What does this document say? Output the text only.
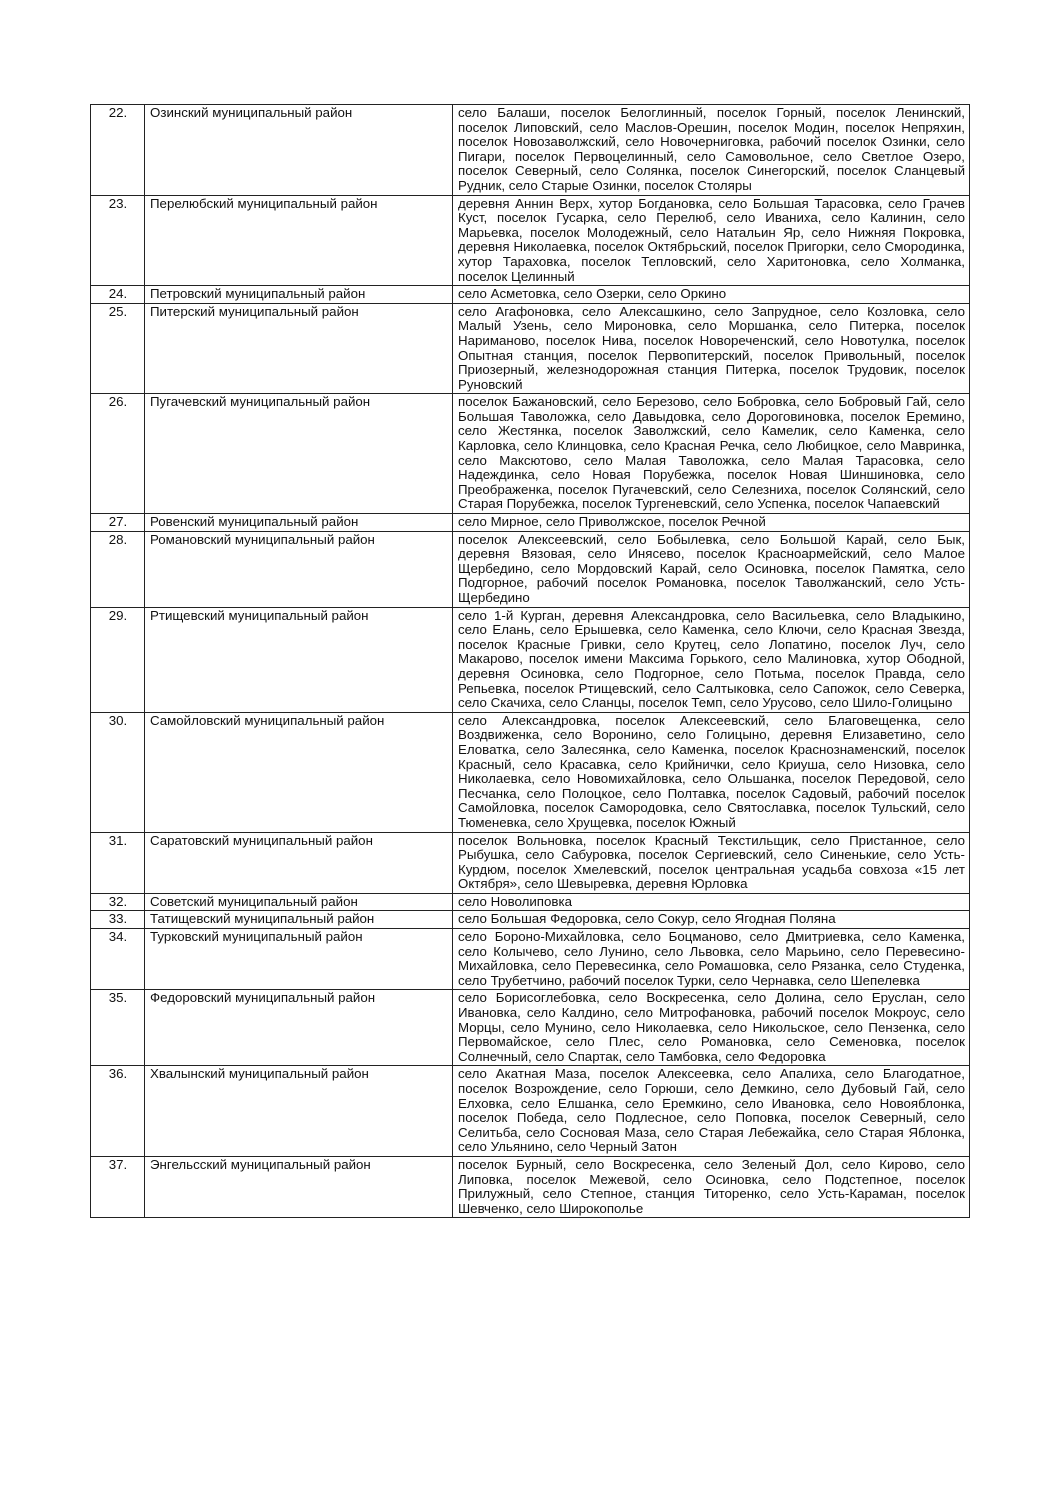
22.	Озинский муниципальный район	село Балаши, поселок Белоглинный, поселок Горный, поселок Ленинский, поселок Липовский, село Маслов-Орешин, поселок Модин, поселок Непряхин, поселок Новозаволжский, село Новочерниговка, рабочий поселок Озинки, село Пигари, поселок Первоцелинный, село Самовольное, село Светлое Озеро, поселок Северный, село Солянка, поселок Синегорский, поселок Сланцевый Рудник, село Старые Озинки, поселок Столяры
23.	Перелюбский муниципальный район	деревня Аннин Верх, хутор Богдановка, село Большая Тарасовка, село Грачев Куст, поселок Гусарка, село Перелюб, село Иваниха, село Калинин, село Марьевка, поселок Молодежный, село Натальин Яр, село Нижняя Покровка, деревня Николаевка, поселок Октябрьский, поселок Пригорки, село Смородинка, хутор Тараховка, поселок Тепловский, село Харитоновка, село Холманка, поселок Целинный
24.	Петровский муниципальный район	село Асметовка, село Озерки, село Оркино
25.	Питерский муниципальный район	село Агафоновка, село Алексашкино, село Запрудное, село Козловка, село Малый Узень, село Мироновка, село Моршанка, село Питерка, поселок Нариманово, поселок Нива, поселок Новореченский, село Новотулка, поселок Опытная станция, поселок Первопитерский, поселок Привольный, поселок Приозерный, железнодорожная станция Питерка, поселок Трудовик, поселок Руновский
26.	Пугачевский муниципальный район	поселок Бажановский, село Березово, село Бобровка, село Бобровый Гай, село Большая Таволожка, село Давыдовка, село Дороговиновка, поселок Еремино, село Жестянка, поселок Заволжский, село Камелик, село Каменка, село Карловка, село Клинцовка, село Красная Речка, село Любицкое, село Мавринка, село Максютово, село Малая Таволожка, село Малая Тарасовка, село Надеждинка, село Новая Порубежка, поселок Новая Шиншиновка, село Преображенка, поселок Пугачевский, село Селезниха, поселок Солянский, село Старая Порубежка, поселок Тургеневский, село Успенка, поселок Чапаевский
27.	Ровенский муниципальный район	село Мирное, село Приволжское, поселок Речной
28.	Романовский муниципальный район	поселок Алексеевский, село Бобылевка, село Большой Карай, село Бык, деревня Вязовая, село Инясево, поселок Красноармейский, село Малое Щербедино, село Мордовский Карай, село Осиновка, поселок Памятка, село Подгорное, рабочий поселок Романовка, поселок Таволжанский, село Усть-Щербедино
29.	Ртищевский муниципальный район	село 1-й Курган, деревня Александровка, село Васильевка, село Владыкино, село Елань, село Ерышевка, село Каменка, село Ключи, село Красная Звезда, поселок Красные Гривки, село Крутец, село Лопатино, поселок Луч, село Макарово, поселок имени Максима Горького, село Малиновка, хутор Ободной, деревня Осиновка, село Подгорное, село Потьма, поселок Правда, село Репьевка, поселок Ртищевский, село Салтыковка, село Сапожок, село Северка, село Скачиха, село Сланцы, поселок Темп, село Урусово, село Шило-Голицыно
30.	Самойловский муниципальный район	село Александровка, поселок Алексеевский, село Благовещенка, село Воздвиженка, село Воронино, село Голицыно, деревня Елизаветино, село Еловатка, село Залесянка, село Каменка, поселок Краснознаменский, поселок Красный, село Красавка, село Крийнички, село Криуша, село Низовка, село Николаевка, село Новомихайловка, село Ольшанка, поселок Передовой, село Песчанка, село Полоцкое, село Полтавка, поселок Садовый, рабочий поселок Самойловка, поселок Самородовка, село Святославка, поселок Тульский, село Тюменевка, село Хрущевка, поселок Южный
31.	Саратовский муниципальный район	поселок Вольновка, поселок Красный Текстильщик, село Пристанное, село Рыбушка, село Сабуровка, поселок Сергиевский, село Синенькие, село Усть-Курдюм, поселок Хмелевский, поселок центральная усадьба совхоза «15 лет Октября», село Шевыревка, деревня Юрловка
32.	Советский муниципальный район	село Новолиповка
33.	Татищевский муниципальный район	село Большая Федоровка, село Сокур, село Ягодная Поляна
34.	Турковский муниципальный район	село Бороно-Михайловка, село Боцманово, село Дмитриевка, село Каменка, село Колычево, село Лунино, село Львовка, село Марьино, село Перевесино-Михайловка, село Перевесинка, село Ромашовка, село Рязанка, село Студенка, село Трубетчино, рабочий поселок Турки, село Чернавка, село Шепелевка
35.	Федоровский муниципальный район	село Борисоглебовка, село Воскресенка, село Долина, село Еруслан, село Ивановка, село Калдино, село Митрофановка, рабочий поселок Мокроус, село Морцы, село Мунино, село Николаевка, село Никольское, село Пензенка, село Первомайское, село Плес, село Романовка, село Семеновка, поселок Солнечный, село Спартак, село Тамбовка, село Федоровка
36.	Хвалынский муниципальный район	село Акатная Маза, поселок Алексеевка, село Апалиха, село Благодатное, поселок Возрождение, село Горюши, село Демкино, село Дубовый Гай, село Елховка, село Елшанка, село Еремкино, село Ивановка, село Новояблонка, поселок Победа, село Подлесное, село Поповка, поселок Северный, село Селитьба, село Сосновая Маза, село Старая Лебежайка, село Старая Яблонка, село Ульянино, село Черный Затон
37.	Энгельсский муниципальный район	поселок Бурный, село Воскресенка, село Зеленый Дол, село Кирово, село Липовка, поселок Межевой, село Осиновка, село Подстепное, поселок Прилужный, село Степное, станция Титоренко, село Усть-Караман, поселок Шевченко, село Широкополье
